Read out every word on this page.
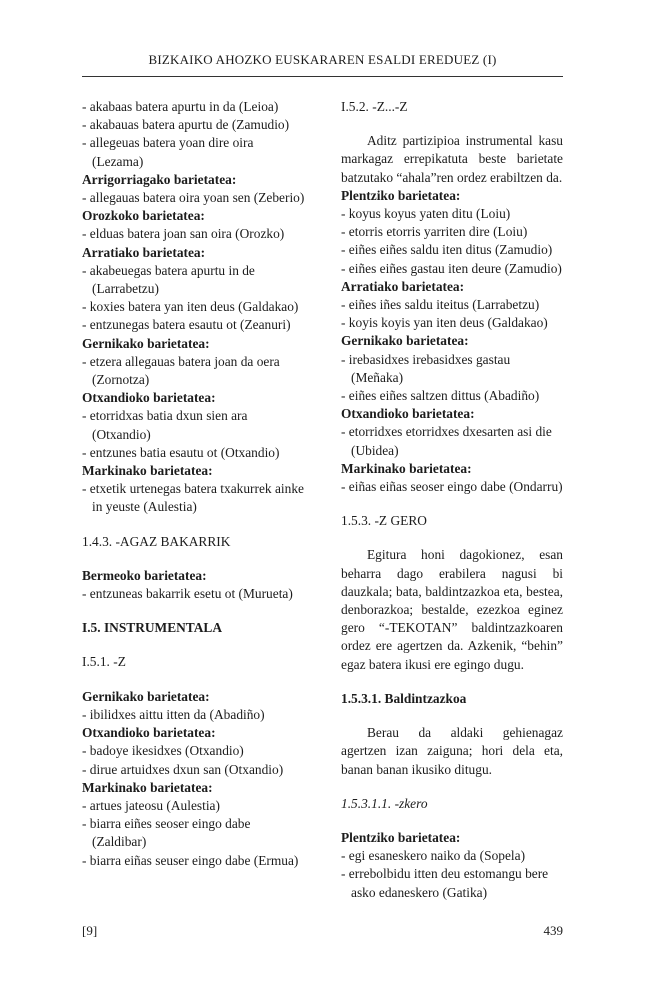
BIZKAIKO AHOZKO EUSKARAREN ESALDI EREDUEZ (I)
- akabaas batera apurtu in da (Leioa)
- akabauas batera apurtu de (Zamudio)
- allegeuas batera yoan dire oira (Lezama)
Arrigorriagako barietatea:
- allegauas batera oira yoan sen (Zeberio)
Orozkoko barietatea:
- elduas batera joan san oira (Orozko)
Arratiako barietatea:
- akabeuegas batera apurtu in de (Larrabetzu)
- koxies batera yan iten deus (Galdakao)
- entzunegas batera esautu ot (Zeanuri)
Gernikako barietatea:
- etzera allegauas batera joan da oera (Zornotza)
Otxandioko barietatea:
- etorridxas batia dxun sien ara (Otxandio)
- entzunes batia esautu ot (Otxandio)
Markinako barietatea:
- etxetik urtenegas batera txakurrek ainke in yeuste (Aulestia)
1.4.3. -AGAZ BAKARRIK
Bermeoko barietatea:
- entzuneas bakarrik esetu ot (Murueta)
I.5. INSTRUMENTALA
I.5.1. -Z
Gernikako barietatea:
- ibilidxes aittu itten da (Abadiño)
Otxandioko barietatea:
- badoye ikesidxes (Otxandio)
- dirue artuidxes dxun san (Otxandio)
Markinako barietatea:
- artues jateosu (Aulestia)
- biarra eiñes seoser eingo dabe (Zaldibar)
- biarra eiñas seuser eingo dabe (Ermua)
I.5.2. -Z...-Z
Aditz partizipioa instrumental kasu markagaz errepikatuta beste barietate batzutako “ahala”ren ordez erabiltzen da.
Plentziko barietatea:
- koyus koyus yaten ditu (Loiu)
- etorris etorris yarriten dire (Loiu)
- eiñes eiñes saldu iten ditus (Zamudio)
- eiñes eiñes gastau iten deure (Zamudio)
Arratiako barietatea:
- eiñes iñes saldu iteitus (Larrabetzu)
- koyis koyis yan iten deus (Galdakao)
Gernikako barietatea:
- irebasidxes irebasidxes gastau (Meñaka)
- eiñes eiñes saltzen dittus (Abadiño)
Otxandioko barietatea:
- etorridxes etorridxes dxesarten asi die (Ubidea)
Markinako barietatea:
- eiñas eiñas seoser eingo dabe (Ondarru)
1.5.3. -Z GERO
Egitura honi dagokionez, esan beharra dago erabilera nagusi bi dauzkala; bata, baldintzazkoa eta, bestea, denborazkoa; bestalde, ezezkoa eginez gero “-TEKOTAN” baldintzazkoaren ordez ere agertzen da. Azkenik, “behin” egaz batera ikusi ere egingo dugu.
1.5.3.1. Baldintzazkoa
Berau da aldaki gehienagaz agertzen izan zaiguna; hori dela eta, banan banan ikusiko ditugu.
1.5.3.1.1. -zkero
Plentziko barietatea:
- egi esaneskero naiko da (Sopela)
- errebolbidu itten deu estomangu bere asko edaneskero (Gatika)
[9]	439
